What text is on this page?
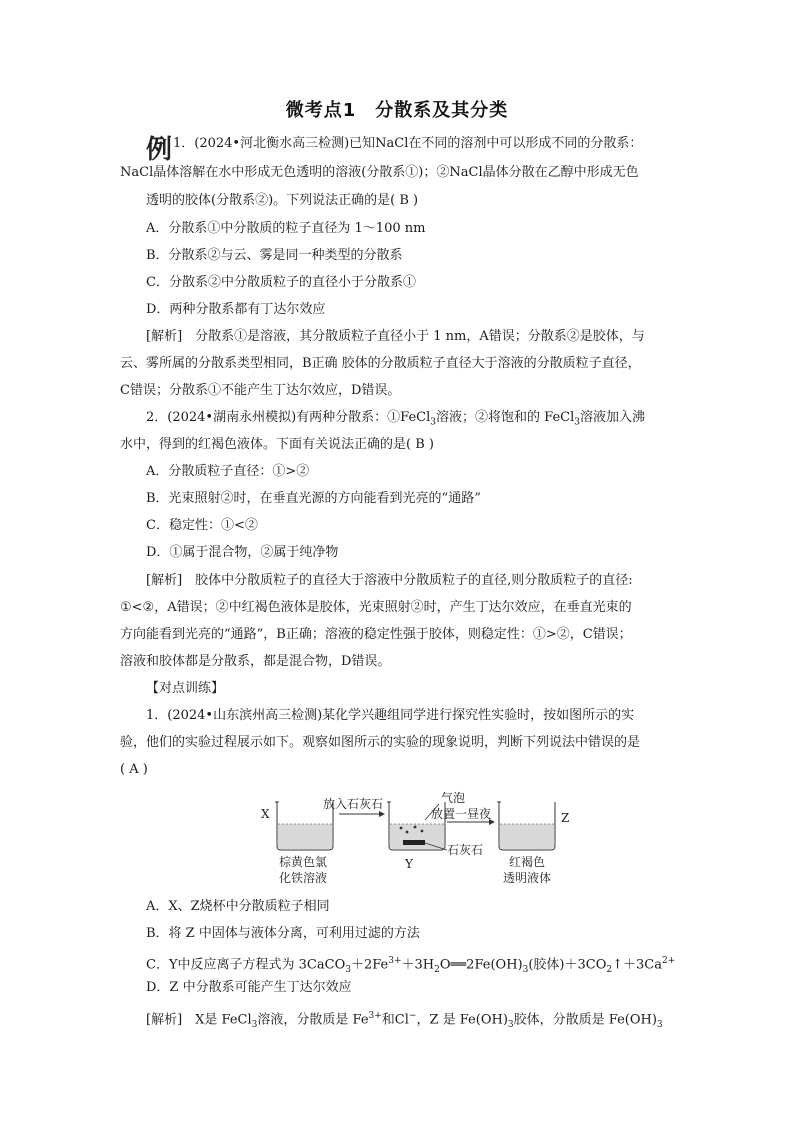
微考点1　分散系及其分类
例 1．(2024•河北衡水高三检测)已知NaCl在不同的溶剂中可以形成不同的分散系：
NaCl晶体溶解在水中形成无色透明的溶液(分散系①)；②NaCl晶体分散在乙醇中形成无色
透明的胶体(分散系②)。下列说法正确的是( B )
A．分散系①中分散质的粒子直径为 1～100 nm
B．分散系②与云、雾是同一种类型的分散系
C．分散系②中分散质粒子的直径小于分散系①
D．两种分散系都有丁达尔效应
[解析]　分散系①是溶液，其分散质粒子直径小于 1 nm，A错误；分散系②是胶体，与
云、雾所属的分散系类型相同，B正确 胶体的分散质粒子直径大于溶液的分散质粒子直径，
C错误；分散系①不能产生丁达尔效应，D错误。
2．(2024•湖南永州模拟)有两种分散系：①FeCl$_3$溶液；②将饱和的 FeCl$_3$溶液加入沸
水中，得到的红褐色液体。下面有关说法正确的是( B )
A．分散质粒子直径：①>②
B．光束照射②时，在垂直光源的方向能看到光亮的“通路”
C．稳定性：①<②
D．①属于混合物，②属于纯净物
[解析]　胶体中分散质粒子的直径大于溶液中分散质粒子的直径,则分散质粒子的直径:
①<②，A错误；②中红褐色液体是胶体，光束照射②时，产生丁达尔效应，在垂直光束的
方向能看到光亮的“通路”，B正确；溶液的稳定性强于胶体，则稳定性：①>②，C错误；
溶液和胶体都是分散系，都是混合物，D错误。
【对点训练】
1．(2024•山东滨州高三检测)某化学兴趣组同学进行探究性实验时，按如图所示的实
验，他们的实验过程展示如下。观察如图所示的实验的现象说明，判断下列说法中错误的是
( A )
X
放入石灰石	气泡
放置一昼夜
Y
石灰石
Z
棕黄色氯
化铁溶液
红褐色
透明液体
A．X、Z烧杯中分散质粒子相同
B．将 Z 中固体与液体分离，可利用过滤的方法
C．Y中反应离子方程式为 $3CaCO_3+2Fe^{3+}+3H_2O══2Fe(OH)_3$(胶体)$+3CO_2↑+3Ca^{2+}$
D．Z 中分散系可能产生丁达尔效应
[解析]　X是 FeCl$_3$溶液，分散质是 $Fe^{3+}$和Cl−，Z 是 $Fe(OH)_3$胶体，分散质是 $Fe(OH)_3$
